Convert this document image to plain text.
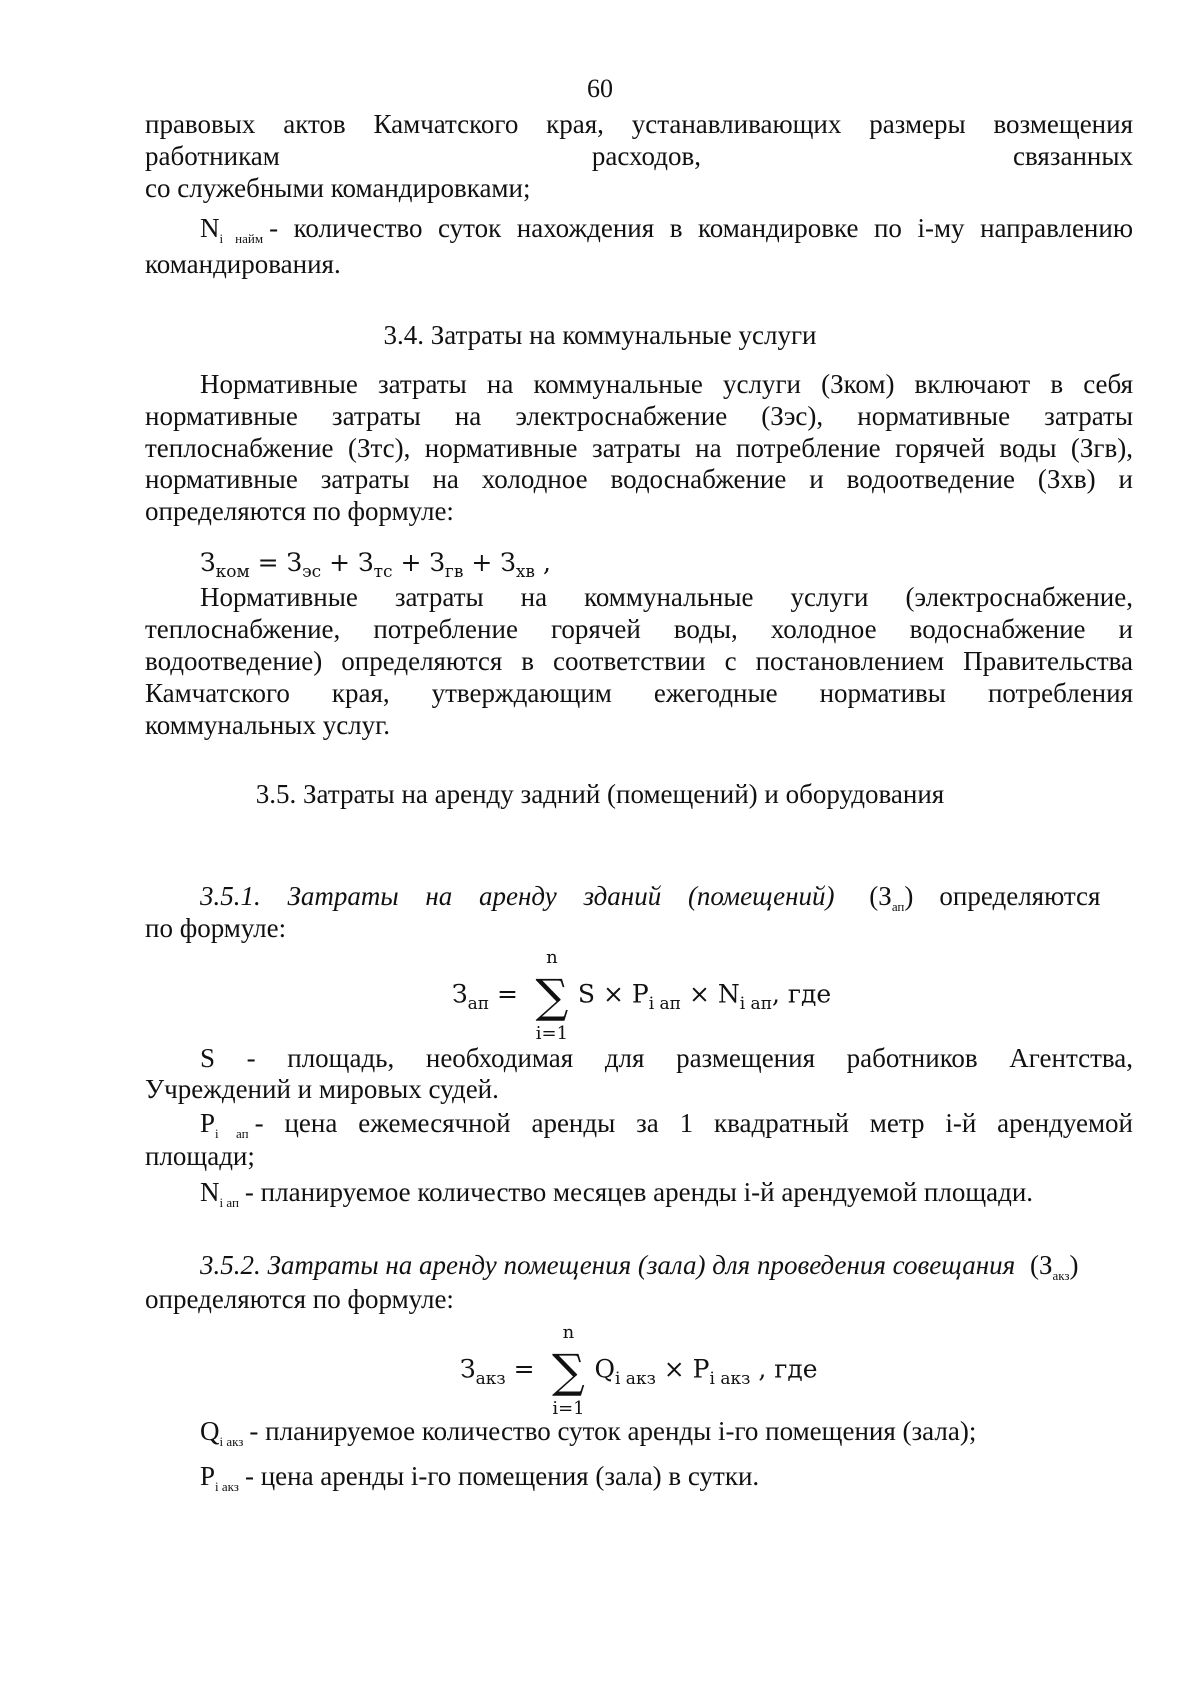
60
правовых актов Камчатского края, устанавливающих размеры возмещения
работникам расходов, связанных
со служебными командировками;
$N_{i найм}$ - количество суток нахождения в командировке по i-му направлению
командирования.
3.4. Затраты на коммунальные услуги
Нормативные затраты на коммунальные услуги (Зком) включают в себя
нормативные затраты на электроснабжение (Зэс), нормативные затраты
теплоснабжение (Зтс), нормативные затраты на потребление горячей воды (Згв),
нормативные затраты на холодное водоснабжение и водоотведение (Зхв) и
определяются по формуле:
$З_{ком} = З_{эс} + З_{тс} + З_{гв} + З_{хв}$ ,
Нормативные затраты на коммунальные услуги (электроснабжение,
теплоснабжение, потребление горячей воды, холодное водоснабжение и
водоотведение) определяются в соответствии с постановлением Правительства
Камчатского края, утверждающим ежегодные нормативы потребления
коммунальных услуг.
3.5. Затраты на аренду задний (помещений) и оборудования
3.5.1. Затраты на аренду зданий (помещений) $(З_{ап})$ определяются
по формуле:
$З_{ап}$ = ∑
n
i=1
$S \times P_{i ап} \times N_{i ап}$, где
S - площадь, необходимая для размещения работников Агентства,
Учреждений и мировых судей.
$P_{i ап}$ - цена ежемесячной аренды за 1 квадратный метр i-й арендуемой
площади;
$N_{i ап}$ - планируемое количество месяцев аренды i-й арендуемой площади.
3.5.2. Затраты на аренду помещения (зала) для проведения совещания $(З_{акз})$
определяются по формуле:
$З_{акз}$ = ∑
n
i=1
$Q_{i акз} \times P_{i акз}$ , где
$Q_{i акз}$ - планируемое количество суток аренды i-го помещения (зала);
$P_{i акз}$ - цена аренды i-го помещения (зала) в сутки.
